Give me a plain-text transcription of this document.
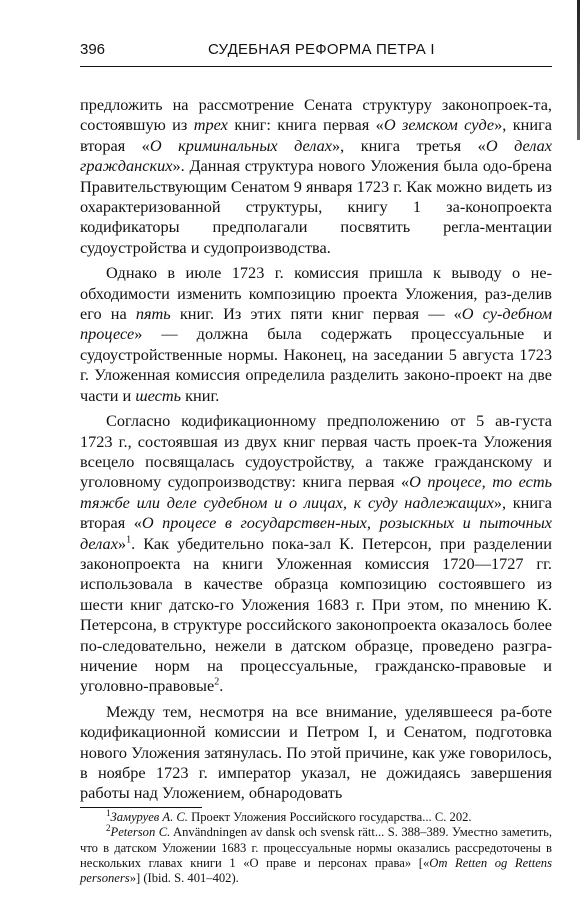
396	СУДЕБНАЯ РЕФОРМА ПЕТРА I

предложить на рассмотрение Сената структуру законопроек-та, состоявшую из трех книг: книга первая «О земском суде», книга вторая «О криминальных делах», книга третья «О делах гражданских». Данная структура нового Уложения была одо-брена Правительствующим Сенатом 9 января 1723 г. Как можно видеть из охарактеризованной структуры, книгу 1 за-конопроекта кодификаторы предполагали посвятить регла-ментации судоустройства и судопроизводства.

Однако в июле 1723 г. комиссия пришла к выводу о не-обходимости изменить композицию проекта Уложения, раз-делив его на пять книг. Из этих пяти книг первая — «О су-дебном процесе» — должна была содержать процессуальные и судоустройственные нормы. Наконец, на заседании 5 августа 1723 г. Уложенная комиссия определила разделить законо-проект на две части и шесть книг.

Согласно кодификационному предположению от 5 ав-густа 1723 г., состоявшая из двух книг первая часть проек-та Уложения всецело посвящалась судоустройству, а также гражданскому и уголовному судопроизводству: книга первая «О процесе, то есть тяжбе или деле судебном и о лицах, к суду надлежащих», книга вторая «О процесе в государствен-ных, розыскных и пыточных делах»$^1$. Как убедительно пока-зал К. Петерсон, при разделении законопроекта на книги Уложенная комиссия 1720—1727 гг. использовала в качестве образца композицию состоявшего из шести книг датско-го Уложения 1683 г. При этом, по мнению К. Петерсона, в структуре российского законопроекта оказалось более по-следовательно, нежели в датском образце, проведено разгра-ничение норм на процессуальные, гражданско-правовые и уголовно-правовые$^2$.

Между тем, несмотря на все внимание, уделявшееся ра-боте кодификационной комиссии и Петром I, и Сенатом, подготовка нового Уложения затянулась. По этой причине, как уже говорилось, в ноябре 1723 г. император указал, не дожидаясь завершения работы над Уложением, обнародовать

$^1$Замуруев А. С. Проект Уложения Российского государства... С. 202.

$^2$Peterson C. Användningen av dansk och svensk rätt... S. 388–389. Уместно заметить, что в датском Уложении 1683 г. процессуальные нормы оказались рассредоточены в нескольких главах книги 1 «О праве и персонах права» [«Om Retten og Rettens personers»] (Ibid. S. 401–402).
